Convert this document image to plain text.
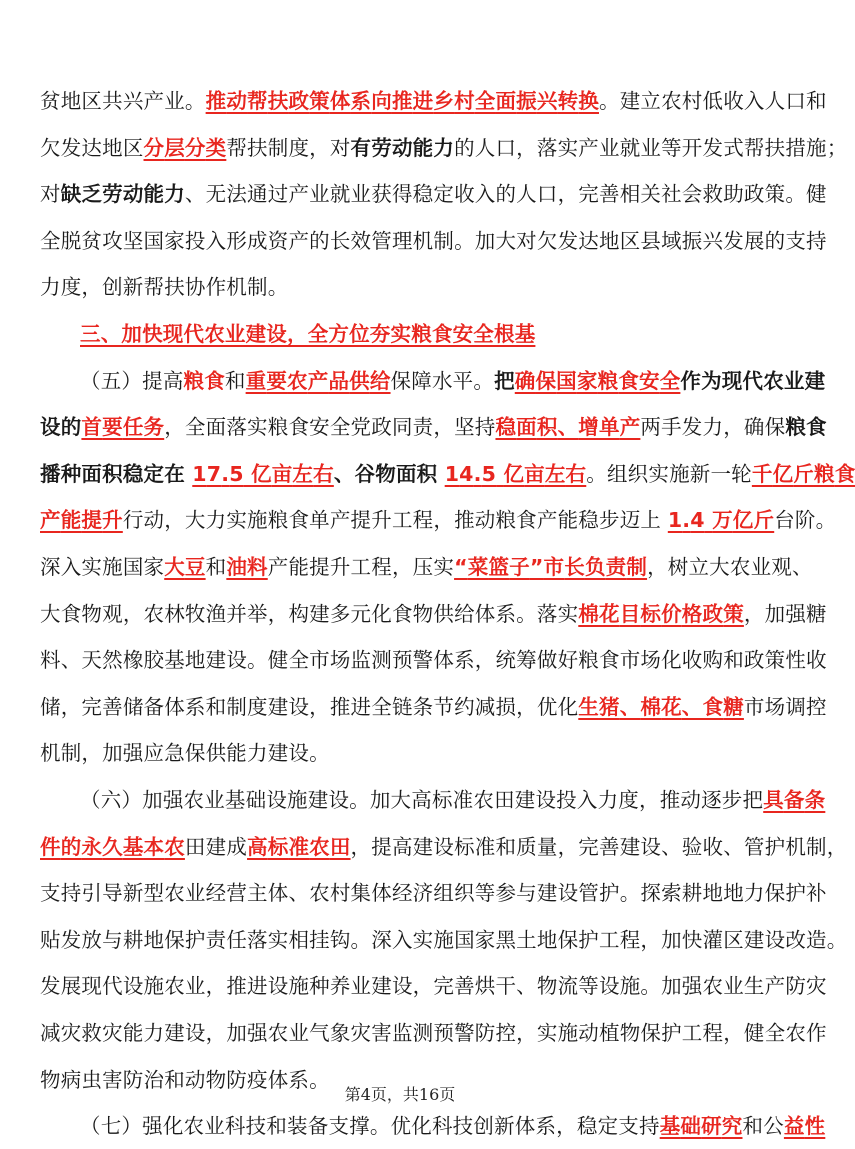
贫 地 区 共 兴 产 业 。 推 动 帮 扶 政 策 体 系 向 推 进 乡 村 全 面 振 兴 转 换 。 建 立 农 村 低 收 入 人 口 和
欠 发 达 地 区 分 层 分 类 帮 扶 制 度 ， 对 有 劳 动 能 力 的 人 口 ， 落 实 产 业 就 业 等 开 发 式 帮 扶 措 施 ；
对 缺 乏 劳 动 能 力 、 无 法 通 过 产 业 就 业 获 得 稳 定 收 入 的 人 口 ， 完 善 相 关 社 会 救 助 政 策 。 健
全 脱 贫 攻 坚 国 家 投 入 形 成 资 产 的 长 效 管 理 机 制 。 加 大 对 欠 发 达 地 区 县 域 振 兴 发 展 的 支 持
力度，创新帮扶协作机制。
三、加快现代农业建设，全方位夯实粮食安全根基
（ 五 ） 提 高 粮 食 和 重 要 农 产 品 供 给 保 障 水 平 。 把 确 保 国 家 粮 食 安 全 作 为 现 代 农 业 建
设 的 首 要 任 务 ， 全 面 落 实 粮 食 安 全 党 政 同 责 ， 坚 持 稳 面 积 、 增 单 产 两 手 发 力 ， 确 保 粮 食
播 种 面 积 稳 定 在
1 7 . 5
亿 亩 左 右 、 谷 物 面 积
1 4 . 5
亿 亩 左 右 。 组 织 实 施 新 一 轮 千 亿 斤 粮 食
产 能 提 升 行 动 ， 大 力 实 施 粮 食 单 产 提 升 工 程 ， 推 动 粮 食 产 能 稳 步 迈 上
1 . 4
万 亿 斤 台 阶 。
深 入 实 施 国 家 大 豆 和 油 料 产 能 提 升 工 程 ， 压 实 “ 菜 篮 子 ” 市 长 负 责 制 ， 树 立 大 农 业 观 、
大 食 物 观 ， 农 林 牧 渔 并 举 ， 构 建 多 元 化 食 物 供 给 体 系 。 落 实 棉 花 目 标 价 格 政 策 ， 加 强 糖
料 、 天 然 橡 胶 基 地 建 设 。 健 全 市 场 监 测 预 警 体 系 ， 统 筹 做 好 粮 食 市 场 化 收 购 和 政 策 性 收
储 ， 完 善 储 备 体 系 和 制 度 建 设 ， 推 进 全 链 条 节 约 减 损 ， 优 化 生 猪 、 棉 花 、 食 糖 市 场 调 控
机制，加强应急保供能力建设。
（ 六 ） 加 强 农 业 基 础 设 施 建 设 。 加 大 高 标 准 农 田 建 设 投 入 力 度 ， 推 动 逐 步 把 具 备 条
件 的 永 久 基 本 农 田 建 成 高 标 准 农 田 ， 提 高 建 设 标 准 和 质 量 ， 完 善 建 设 、 验 收 、 管 护 机 制 ，
支 持 引 导 新 型 农 业 经 营 主 体 、 农 村 集 体 经 济 组 织 等 参 与 建 设 管 护 。 探 索 耕 地 地 力 保 护 补
贴 发 放 与 耕 地 保 护 责 任 落 实 相 挂 钩 。 深 入 实 施 国 家 黑 土 地 保 护 工 程 ， 加 快 灌 区 建 设 改 造 。
发 展 现 代 设 施 农 业 ， 推 进 设 施 种 养 业 建 设 ， 完 善 烘 干 、 物 流 等 设 施 。 加 强 农 业 生 产 防 灾
减 灾 救 灾 能 力 建 设 ， 加 强 农 业 气 象 灾 害 监 测 预 警 防 控 ， 实 施 动 植 物 保 护 工 程 ， 健 全 农 作
物病虫害防治和动物防疫体系。
（ 七 ） 强 化 农 业 科 技 和 装 备 支 撑 。 优 化 科 技 创 新 体 系 ， 稳 定 支 持 基 础 研 究 和 公 益 性
第4页，共16页
